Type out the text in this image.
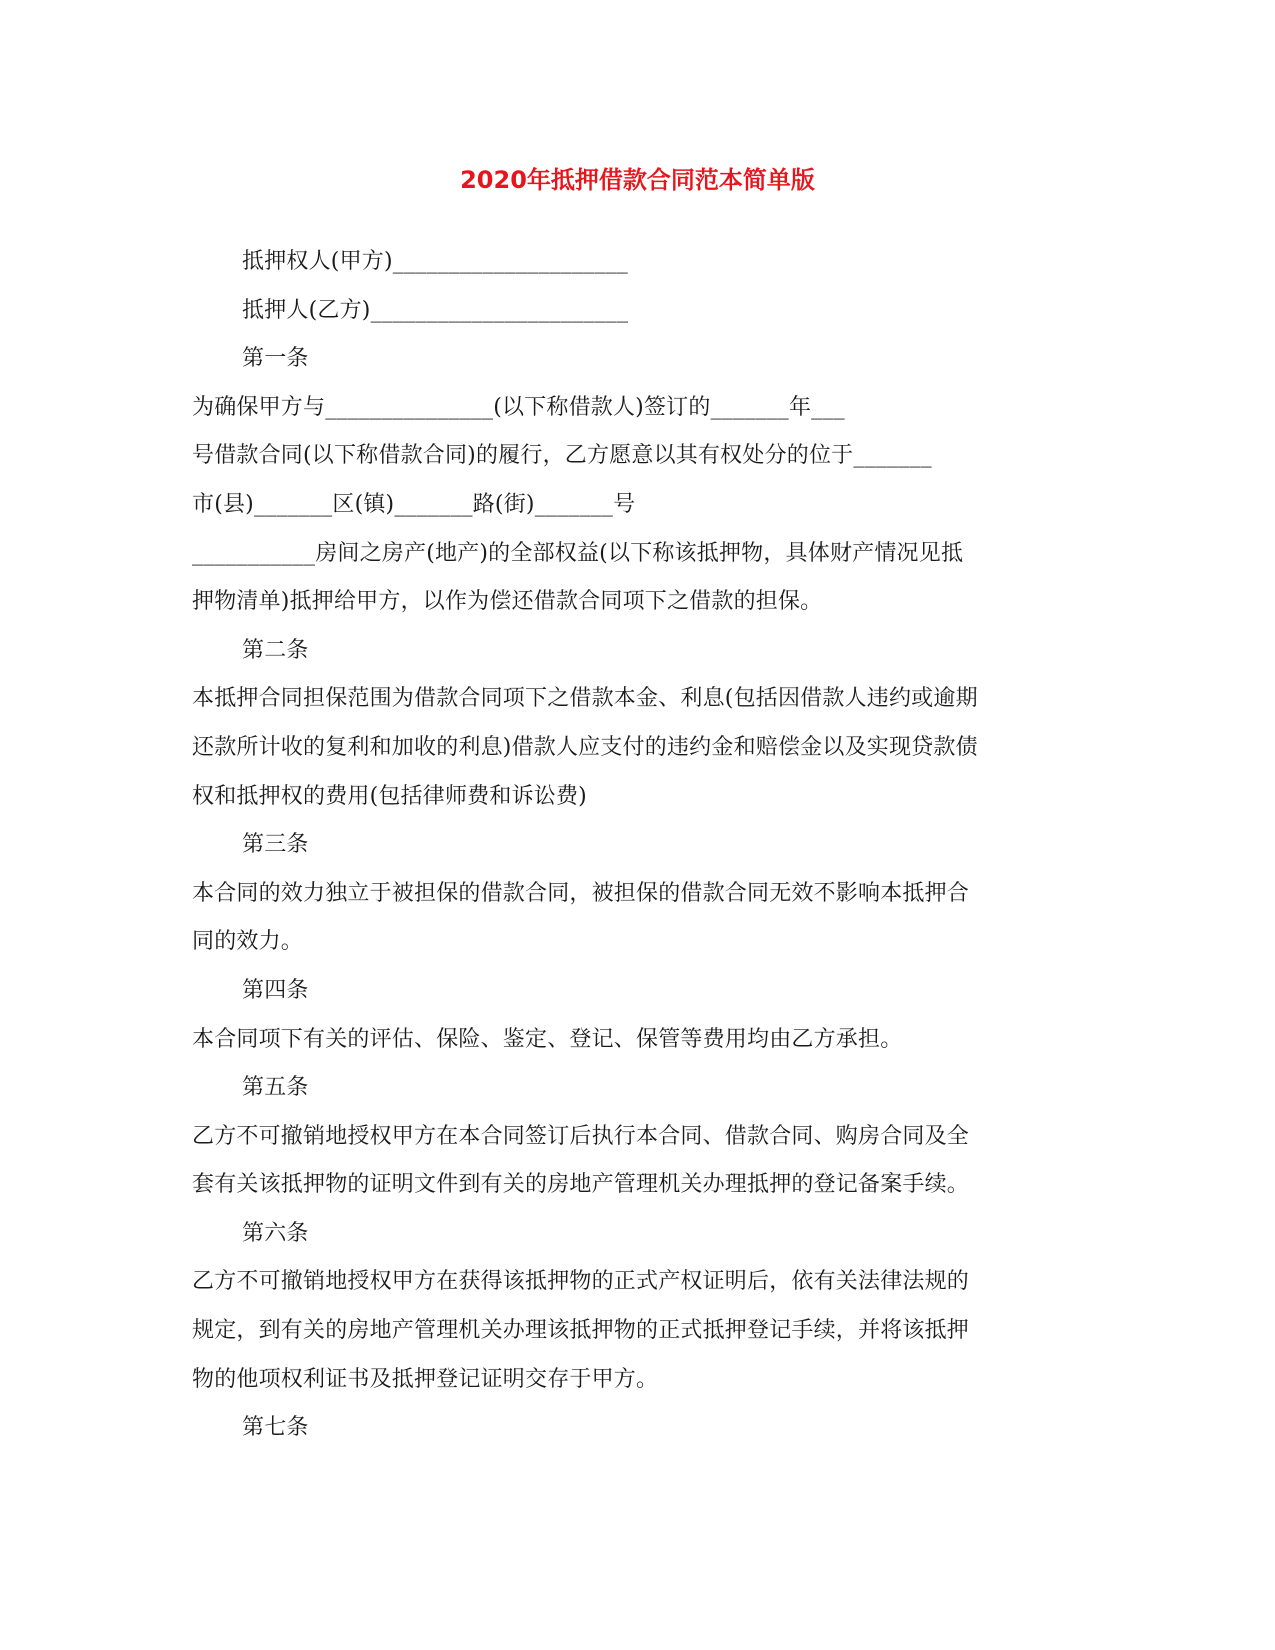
2020年抵押借款合同范本简单版
抵押权人(甲方)_____________________
抵押人(乙方)_______________________
第一条
为确保甲方与_______________(以下称借款人)签订的_______年___
号借款合同(以下称借款合同)的履行，乙方愿意以其有权处分的位于_______
市(县)_______区(镇)_______路(街)_______号
___________房间之房产(地产)的全部权益(以下称该抵押物，具体财产情况见抵
押物清单)抵押给甲方，以作为偿还借款合同项下之借款的担保。
第二条
本抵押合同担保范围为借款合同项下之借款本金、利息(包括因借款人违约或逾期
还款所计收的复利和加收的利息)借款人应支付的违约金和赔偿金以及实现贷款债
权和抵押权的费用(包括律师费和诉讼费)
第三条
本合同的效力独立于被担保的借款合同，被担保的借款合同无效不影响本抵押合
同的效力。
第四条
本合同项下有关的评估、保险、鉴定、登记、保管等费用均由乙方承担。
第五条
乙方不可撤销地授权甲方在本合同签订后执行本合同、借款合同、购房合同及全
套有关该抵押物的证明文件到有关的房地产管理机关办理抵押的登记备案手续。
第六条
乙方不可撤销地授权甲方在获得该抵押物的正式产权证明后，依有关法律法规的
规定，到有关的房地产管理机关办理该抵押物的正式抵押登记手续，并将该抵押
物的他项权利证书及抵押登记证明交存于甲方。
第七条
